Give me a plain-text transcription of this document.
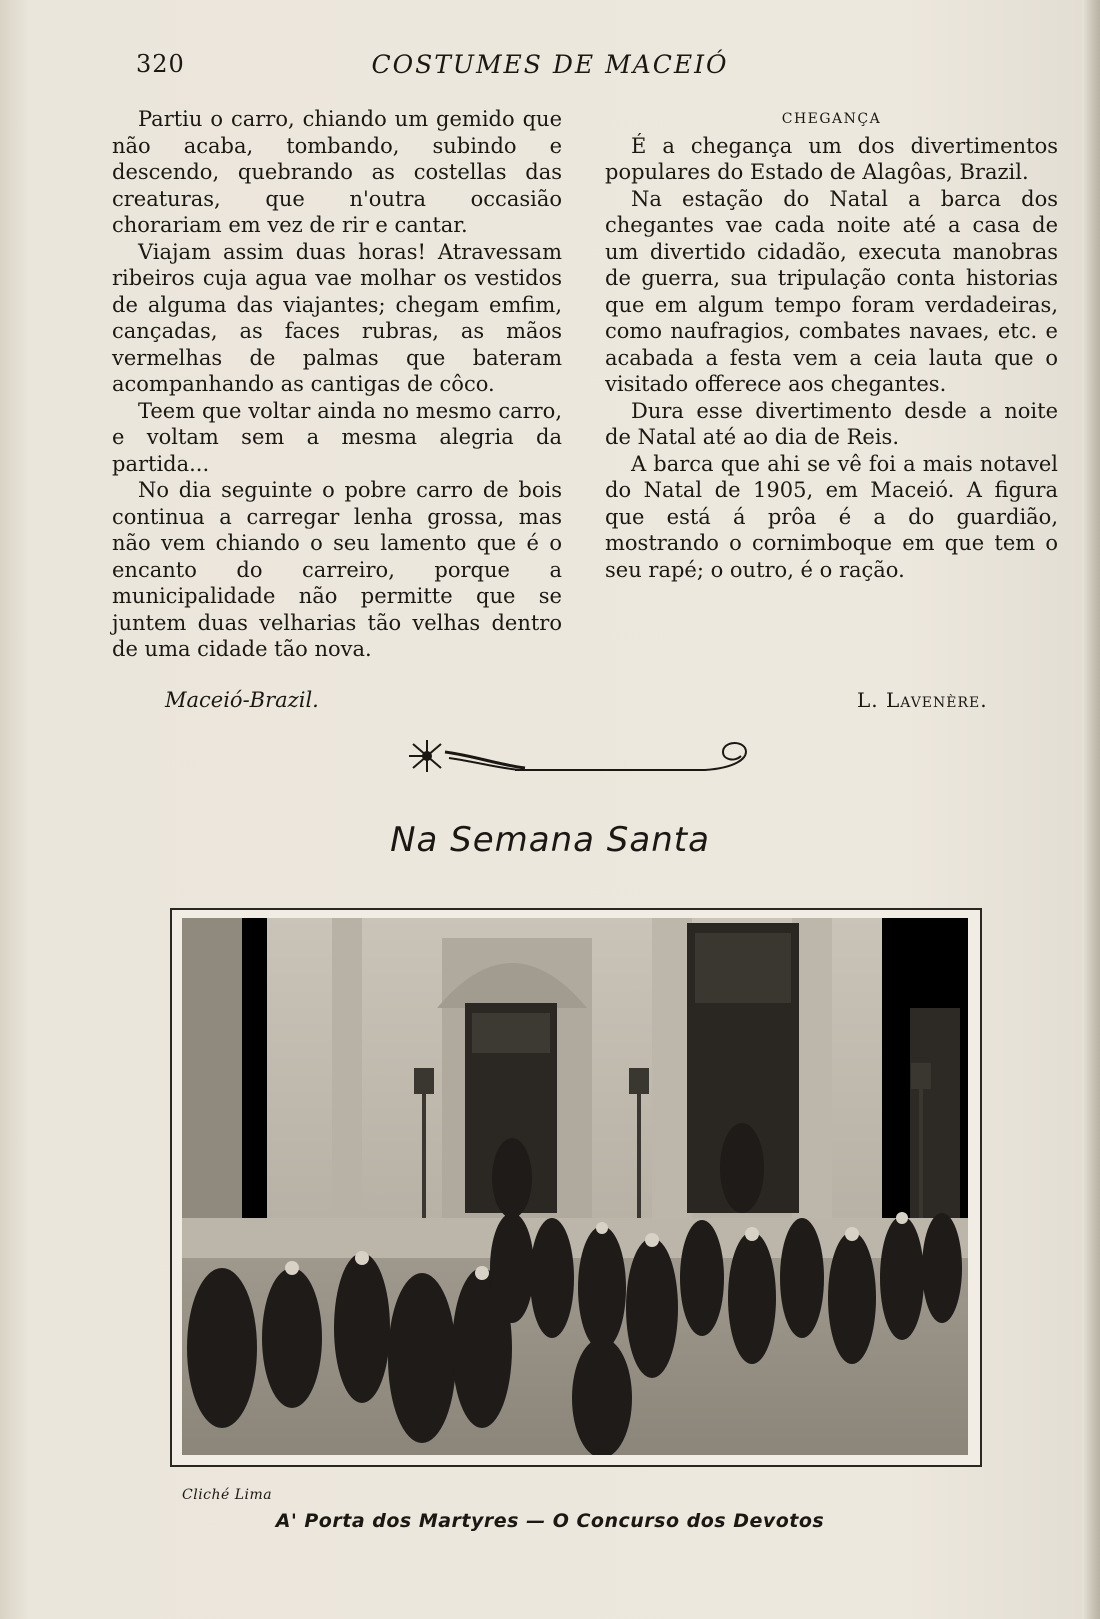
320	COSTUMES DE MACEIÓ

Partiu o carro, chiando um gemido que não acaba, tombando, subindo e descendo, quebrando as costellas das creaturas, que n'outra occasião chorariam em vez de rir e cantar.

Viajam assim duas horas! Atravessam ribeiros cuja agua vae molhar os vestidos de alguma das viajantes; chegam emfim, cançadas, as faces rubras, as mãos vermelhas de palmas que bateram acompanhando as cantigas de côco.

Teem que voltar ainda no mesmo carro, e voltam sem a mesma alegria da partida...

No dia seguinte o pobre carro de bois continua a carregar lenha grossa, mas não vem chiando o seu lamento que é o encanto do carreiro, porque a municipalidade não permitte que se juntem duas velharias tão velhas dentro de uma cidade tão nova.

CHEGANÇA

É a chegança um dos divertimentos populares do Estado de Alagôas, Brazil.

Na estação do Natal a barca dos chegantes vae cada noite até a casa de um divertido cidadão, executa manobras de guerra, sua tripulação conta historias que em algum tempo foram verdadeiras, como naufragios, combates navaes, etc. e acabada a festa vem a ceia lauta que o visitado offerece aos chegantes.

Dura esse divertimento desde a noite de Natal até ao dia de Reis.

A barca que ahi se vê foi a mais notavel do Natal de 1905, em Maceió. A figura que está á prôa é a do guardião, mostrando o cornimboque em que tem o seu rapé; o outro, é o ração.

Maceió-Brazil.	L. Lavenère.
Na Semana Santa
Cliché Lima
A' Porta dos Martyres — O Concurso dos Devotos
